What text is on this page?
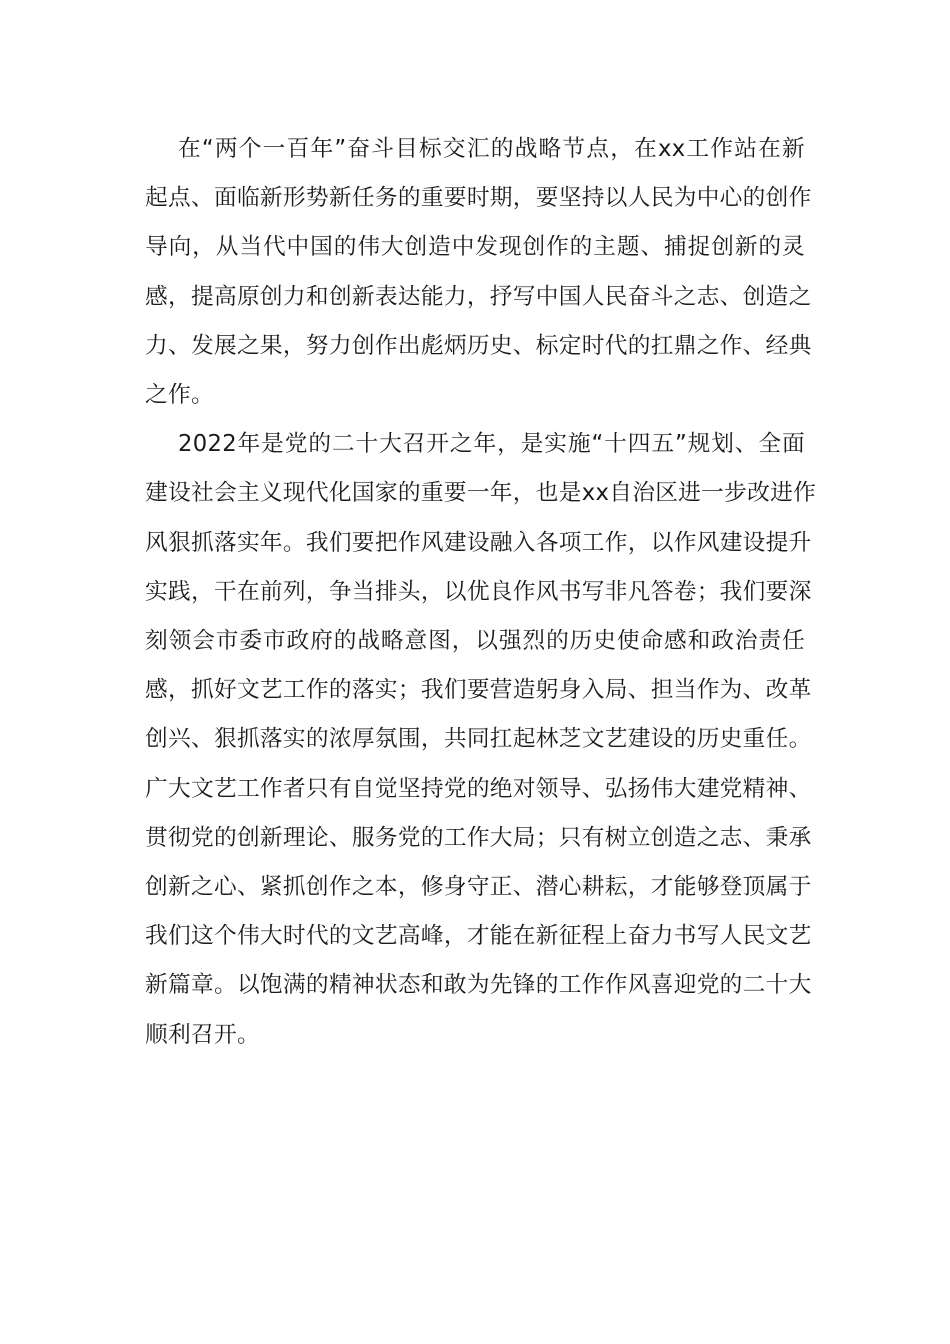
在“两个一百年”奋斗目标交汇的战略节点，在xx工作站在新
起点、面临新形势新任务的重要时期，要坚持以人民为中心的创作
导向，从当代中国的伟大创造中发现创作的主题、捕捉创新的灵
感，提高原创力和创新表达能力，抒写中国人民奋斗之志、创造之
力、发展之果，努力创作出彪炳历史、标定时代的扛鼎之作、经典
之作。
2022年是党的二十大召开之年，是实施“十四五”规划、全面
建设社会主义现代化国家的重要一年，也是xx自治区进一步改进作
风狠抓落实年。我们要把作风建设融入各项工作，以作风建设提升
实践，干在前列，争当排头，以优良作风书写非凡答卷；我们要深
刻领会市委市政府的战略意图，以强烈的历史使命感和政治责任
感，抓好文艺工作的落实；我们要营造躬身入局、担当作为、改革
创兴、狠抓落实的浓厚氛围，共同扛起林芝文艺建设的历史重任。
广大文艺工作者只有自觉坚持党的绝对领导、弘扬伟大建党精神、
贯彻党的创新理论、服务党的工作大局；只有树立创造之志、秉承
创新之心、紧抓创作之本，修身守正、潜心耕耘，才能够登顶属于
我们这个伟大时代的文艺高峰，才能在新征程上奋力书写人民文艺
新篇章。以饱满的精神状态和敢为先锋的工作作风喜迎党的二十大
顺利召开。
